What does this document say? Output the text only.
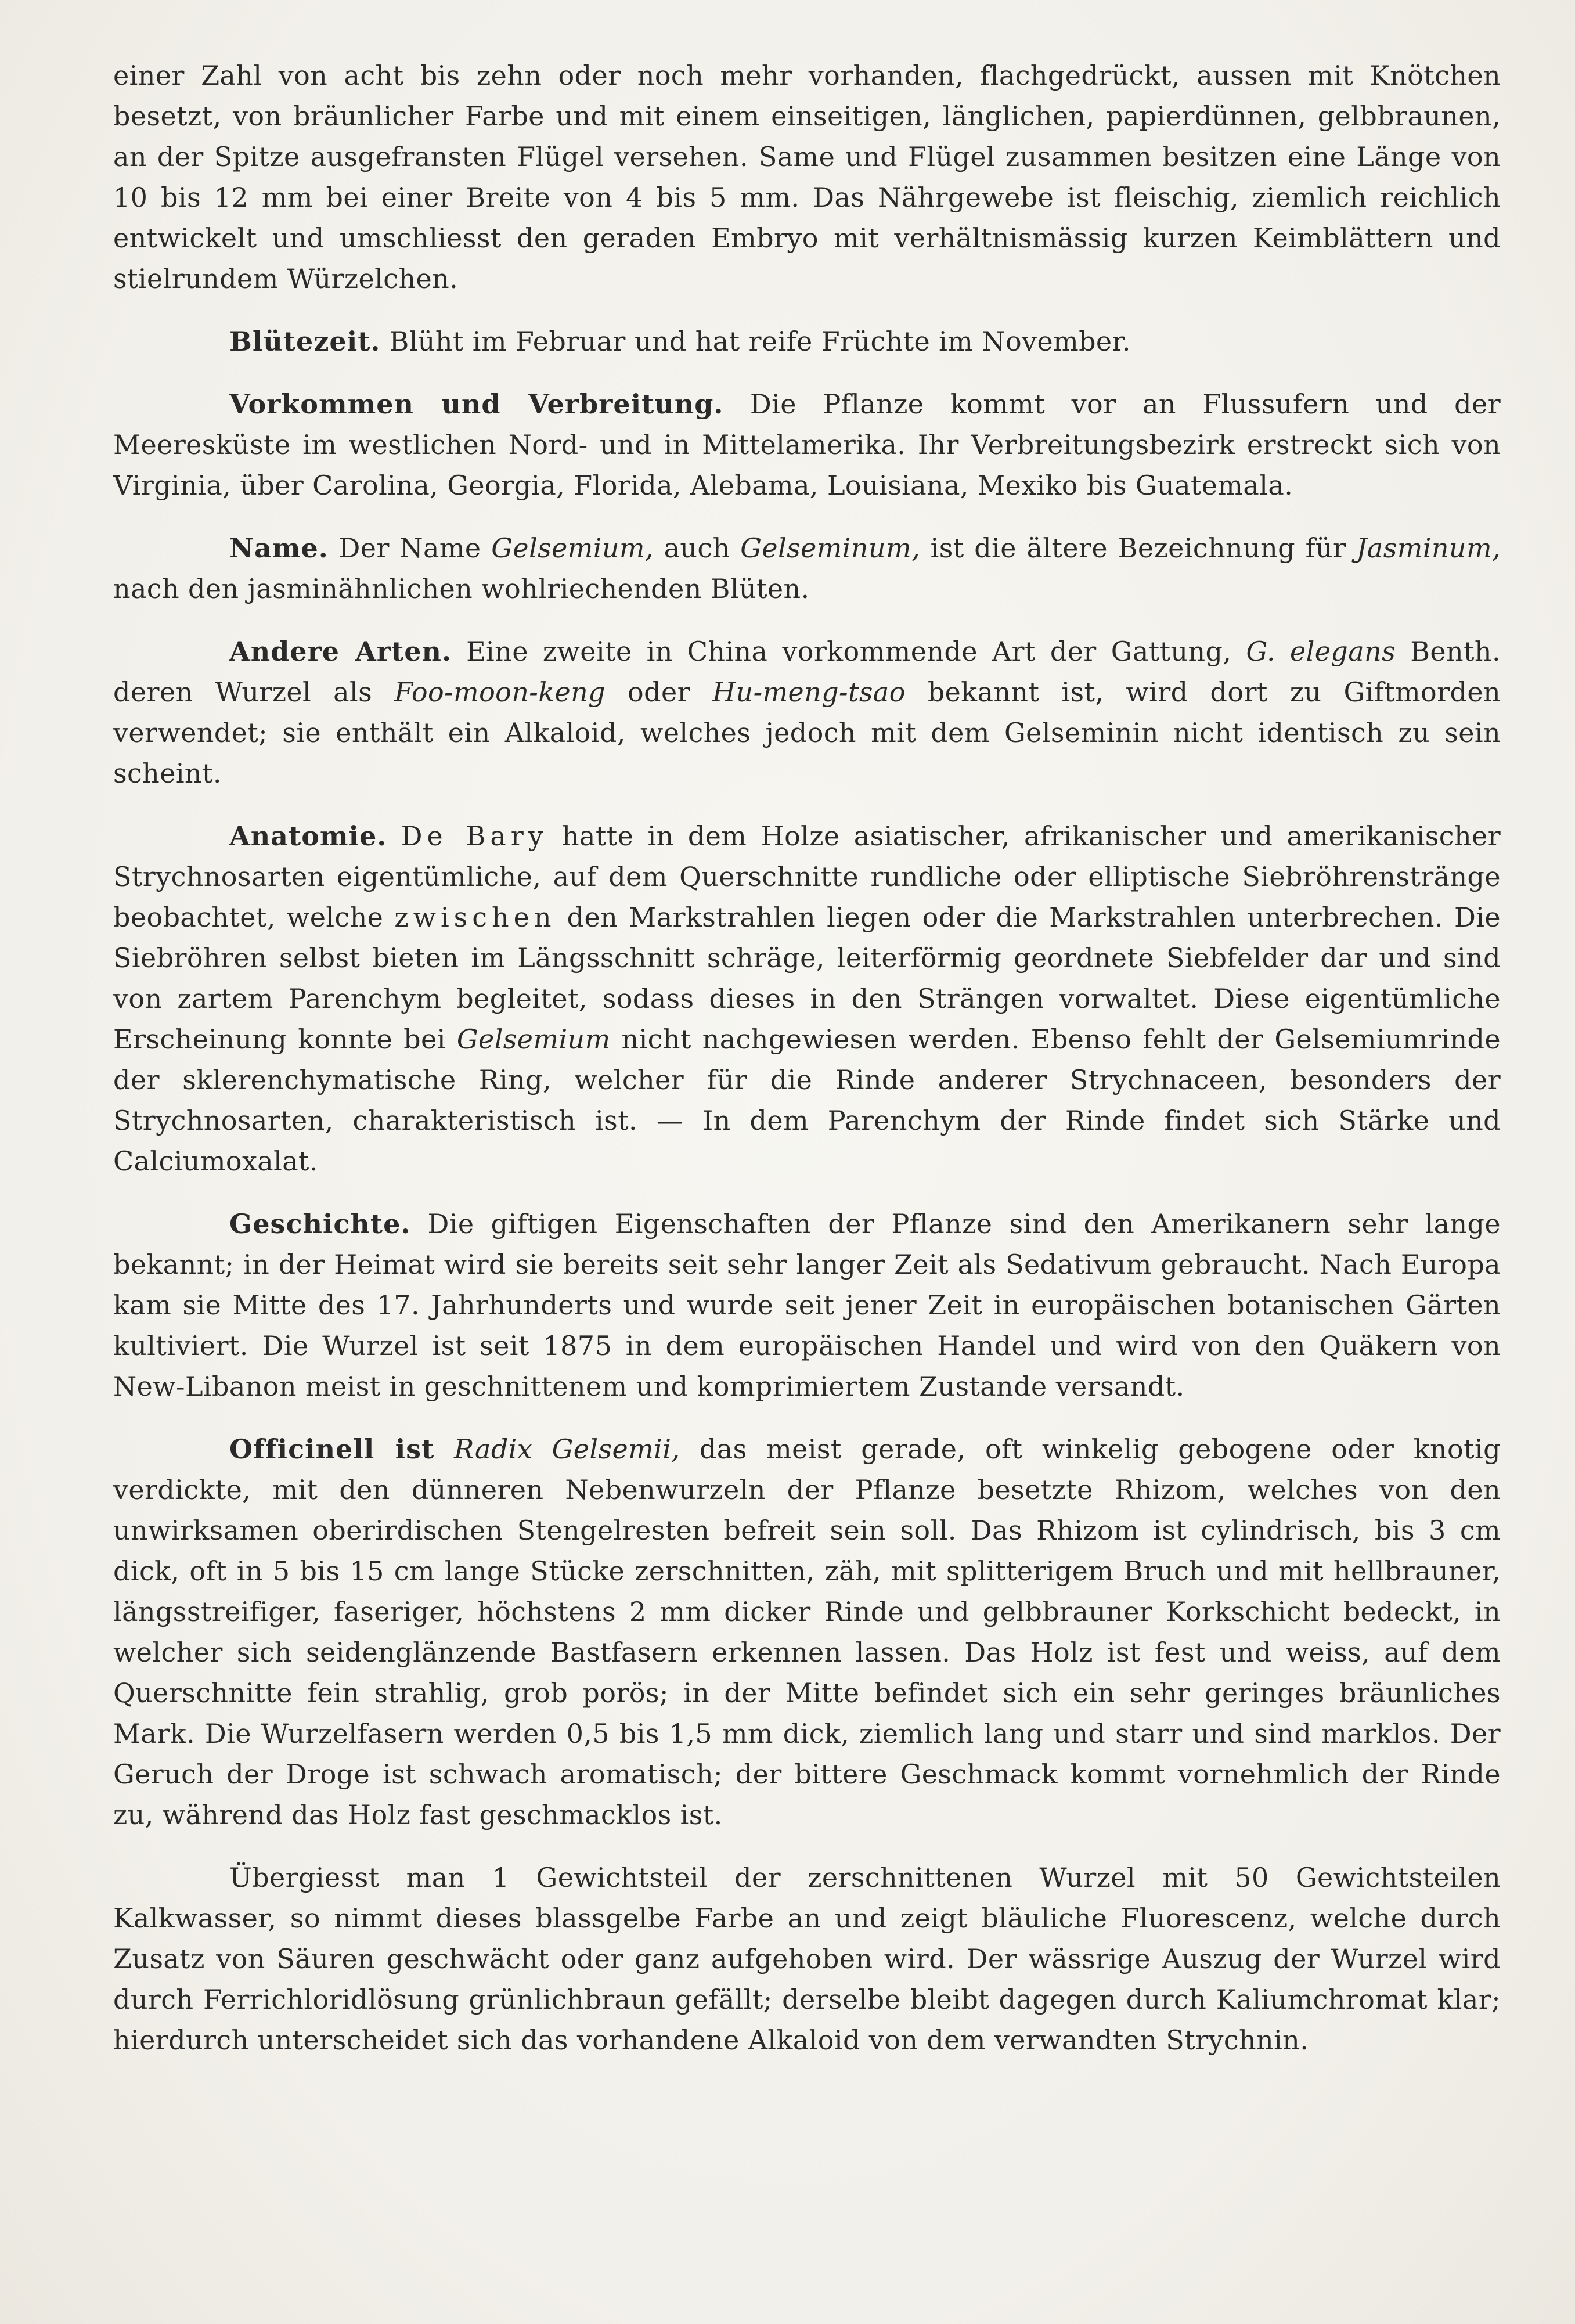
einer Zahl von acht bis zehn oder noch mehr vorhanden, flachgedrückt, aussen mit Knötchen besetzt, von bräunlicher Farbe und mit einem einseitigen, länglichen, papierdünnen, gelbbraunen, an der Spitze ausgefransten Flügel versehen. Same und Flügel zusammen besitzen eine Länge von 10 bis 12 mm bei einer Breite von 4 bis 5 mm. Das Nährgewebe ist fleischig, ziemlich reichlich entwickelt und umschliesst den geraden Embryo mit verhältnismässig kurzen Keimblättern und stielrundem Würzelchen.

Blütezeit. Blüht im Februar und hat reife Früchte im November.

Vorkommen und Verbreitung. Die Pflanze kommt vor an Flussufern und der Meeresküste im westlichen Nord- und in Mittelamerika. Ihr Verbreitungsbezirk erstreckt sich von Virginia, über Carolina, Georgia, Florida, Alebama, Louisiana, Mexiko bis Guatemala.

Name. Der Name Gelsemium, auch Gelseminum, ist die ältere Bezeichnung für Jasminum, nach den jasminähnlichen wohlriechenden Blüten.

Andere Arten. Eine zweite in China vorkommende Art der Gattung, G. elegans Benth. deren Wurzel als Foo-moon-keng oder Hu-meng-tsao bekannt ist, wird dort zu Giftmorden verwendet; sie enthält ein Alkaloid, welches jedoch mit dem Gelseminin nicht identisch zu sein scheint.

Anatomie. De Bary hatte in dem Holze asiatischer, afrikanischer und amerikanischer Strychnosarten eigentümliche, auf dem Querschnitte rundliche oder elliptische Siebröhrenstränge beobachtet, welche zwischen den Markstrahlen liegen oder die Markstrahlen unterbrechen. Die Siebröhren selbst bieten im Längsschnitt schräge, leiterförmig geordnete Siebfelder dar und sind von zartem Parenchym begleitet, sodass dieses in den Strängen vorwaltet. Diese eigentümliche Erscheinung konnte bei Gelsemium nicht nachgewiesen werden. Ebenso fehlt der Gelsemiumrinde der sklerenchymatische Ring, welcher für die Rinde anderer Strychnaceen, besonders der Strychnosarten, charakteristisch ist. — In dem Parenchym der Rinde findet sich Stärke und Calciumoxalat.

Geschichte. Die giftigen Eigenschaften der Pflanze sind den Amerikanern sehr lange bekannt; in der Heimat wird sie bereits seit sehr langer Zeit als Sedativum gebraucht. Nach Europa kam sie Mitte des 17. Jahrhunderts und wurde seit jener Zeit in europäischen botanischen Gärten kultiviert. Die Wurzel ist seit 1875 in dem europäischen Handel und wird von den Quäkern von New-Libanon meist in geschnittenem und komprimiertem Zustande versandt.

Officinell ist Radix Gelsemii, das meist gerade, oft winkelig gebogene oder knotig verdickte, mit den dünneren Nebenwurzeln der Pflanze besetzte Rhizom, welches von den unwirksamen oberirdischen Stengelresten befreit sein soll. Das Rhizom ist cylindrisch, bis 3 cm dick, oft in 5 bis 15 cm lange Stücke zerschnitten, zäh, mit splitterigem Bruch und mit hellbrauner, längsstreifiger, faseriger, höchstens 2 mm dicker Rinde und gelbbrauner Korkschicht bedeckt, in welcher sich seidenglänzende Bastfasern erkennen lassen. Das Holz ist fest und weiss, auf dem Querschnitte fein strahlig, grob porös; in der Mitte befindet sich ein sehr geringes bräunliches Mark. Die Wurzelfasern werden 0,5 bis 1,5 mm dick, ziemlich lang und starr und sind marklos. Der Geruch der Droge ist schwach aromatisch; der bittere Geschmack kommt vornehmlich der Rinde zu, während das Holz fast geschmacklos ist.

Übergiesst man 1 Gewichtsteil der zerschnittenen Wurzel mit 50 Gewichtsteilen Kalkwasser, so nimmt dieses blassgelbe Farbe an und zeigt bläuliche Fluorescenz, welche durch Zusatz von Säuren geschwächt oder ganz aufgehoben wird. Der wässrige Auszug der Wurzel wird durch Ferrichloridlösung grünlichbraun gefällt; derselbe bleibt dagegen durch Kaliumchromat klar; hierdurch unterscheidet sich das vorhandene Alkaloid von dem verwandten Strychnin.
